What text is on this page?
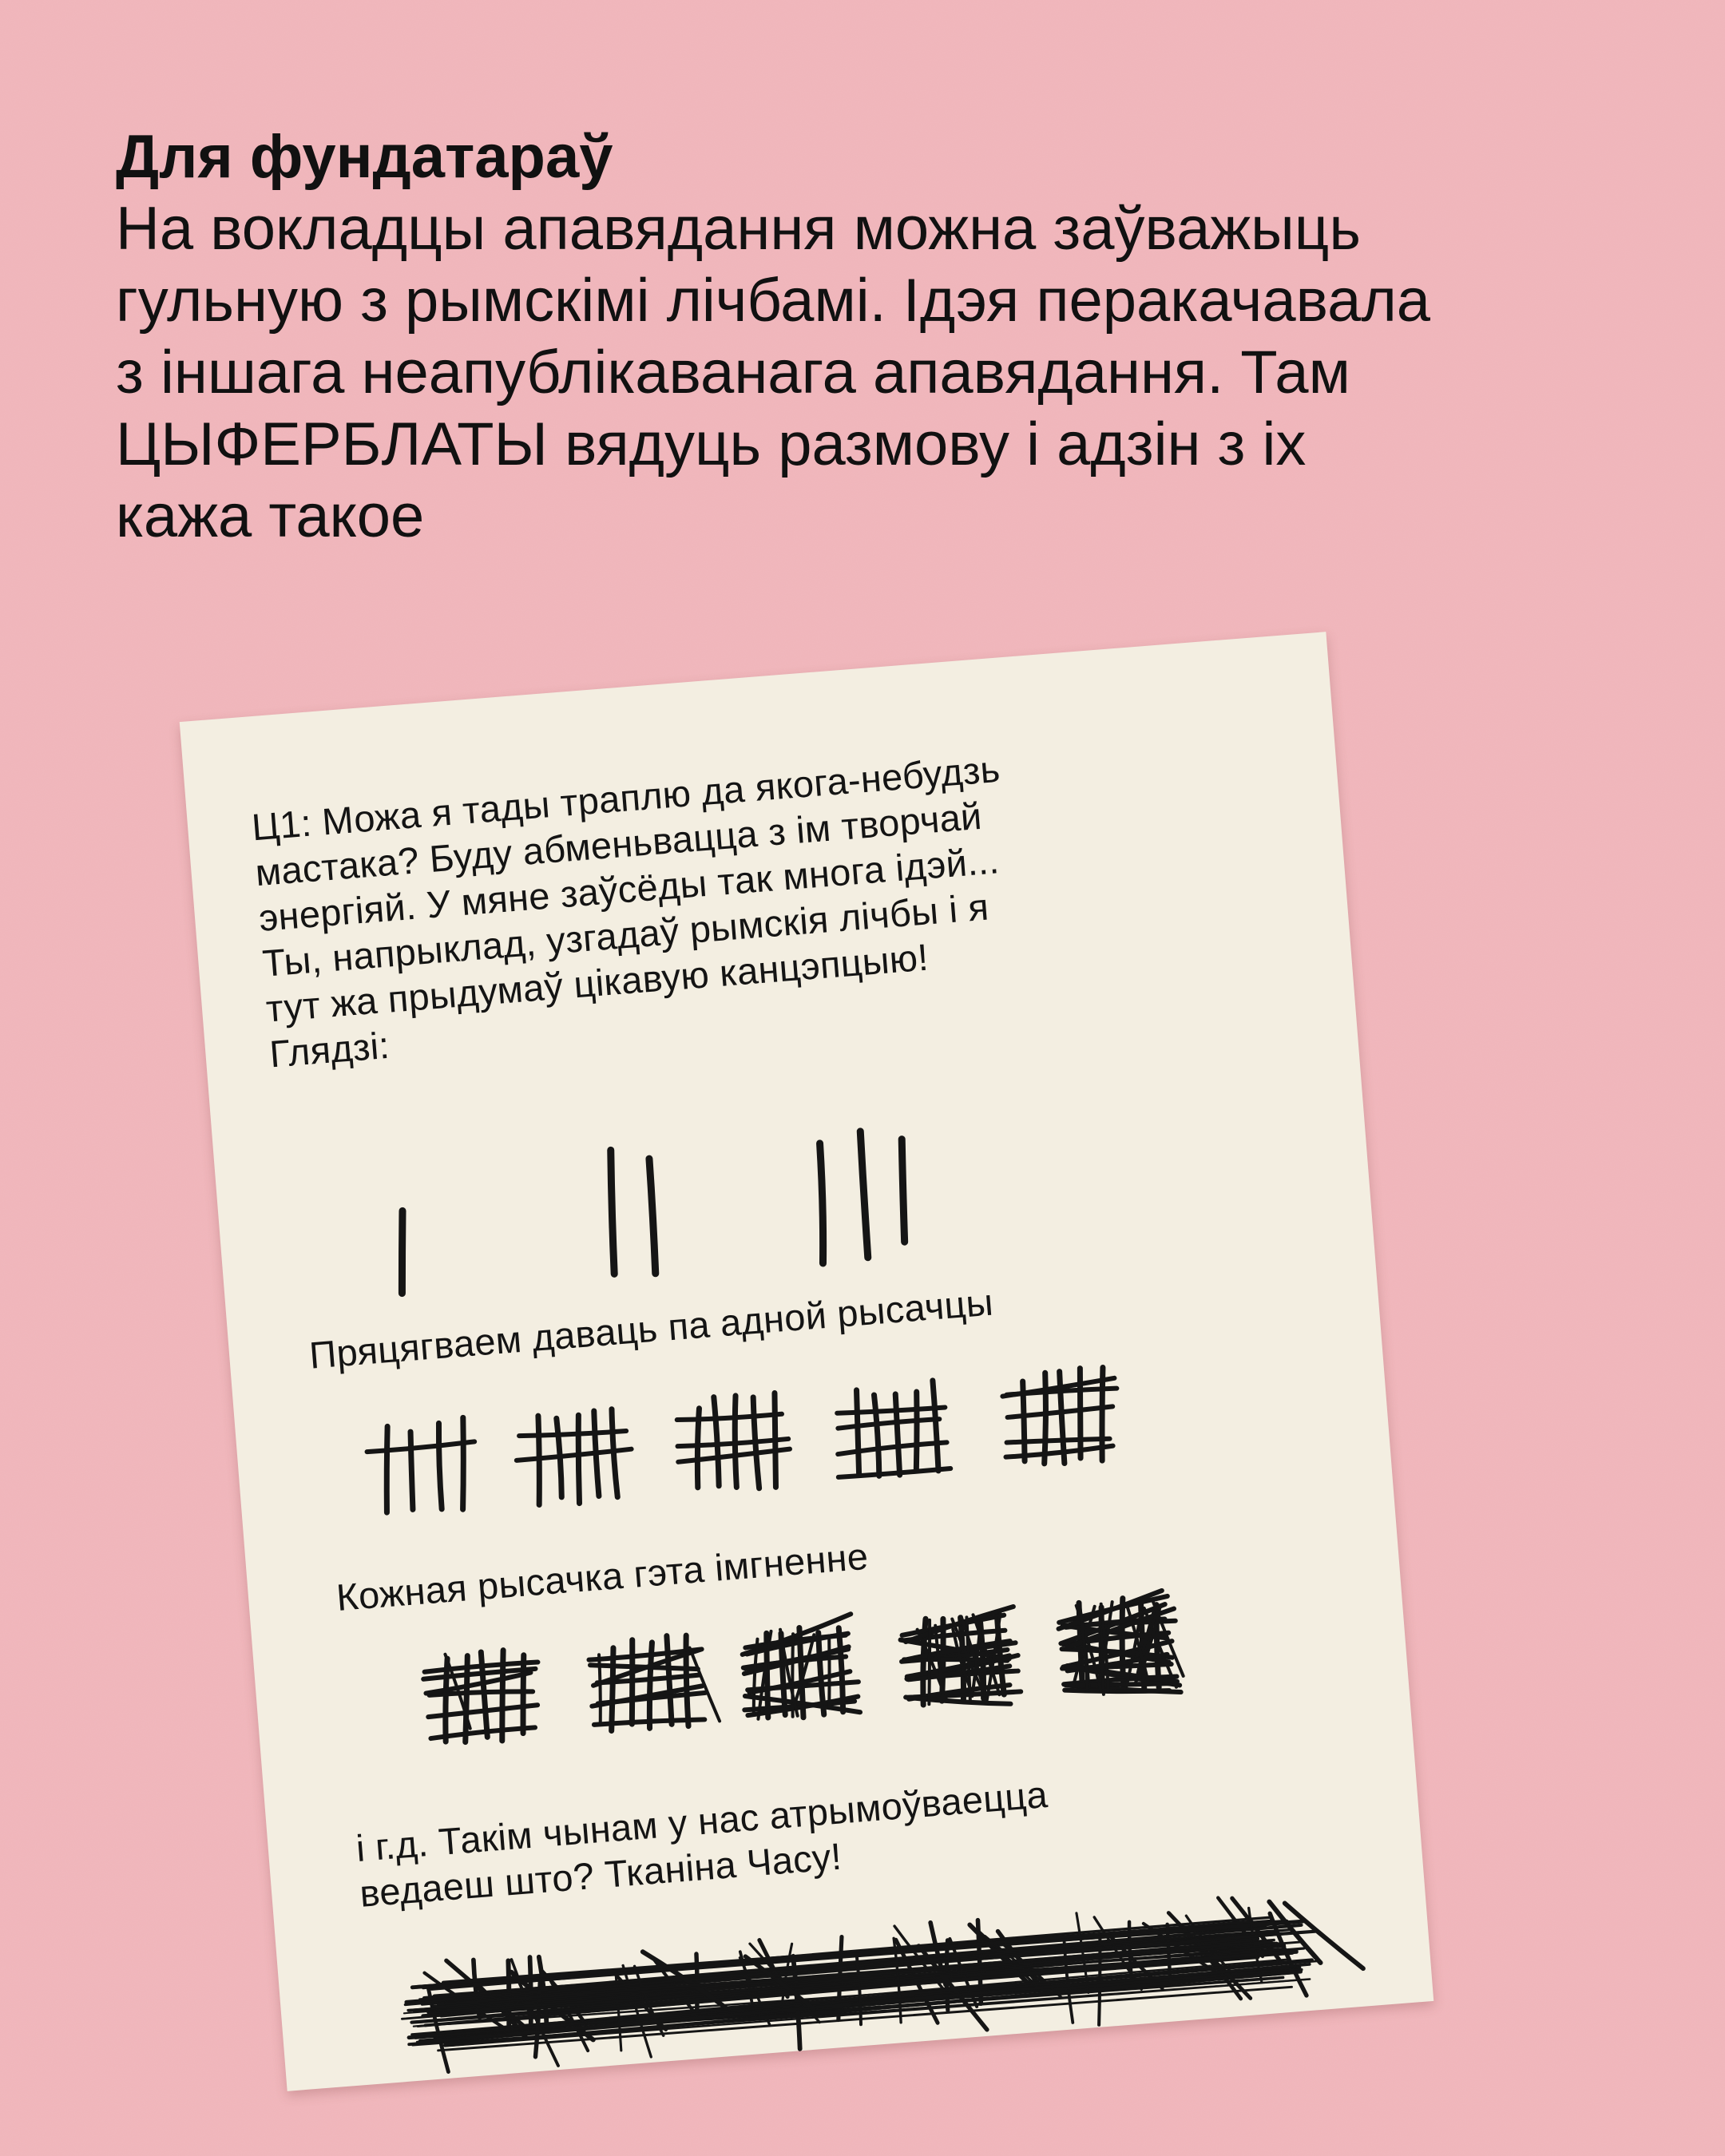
Для фундатараў
На вокладцы апавядання можна заўважыць
гульную з рымскімі лічбамі. Ідэя перакачавала
з іншага неапублікаванага апавядання. Там
ЦЫФЕРБЛАТЫ вядуць размову і адзін з іх
кажа такое
Ц1: Можа я тады траплю да якога-небудзь
мастака? Буду абменьвацца з ім творчай
энергіяй. У мяне заўсёды так многа ідэй...
Ты, напрыклад, узгадаў рымскія лічбы і я
тут жа прыдумаў цікавую канцэпцыю!
Глядзі:
Пряцягваем даваць па адной рысачцы
Кожная рысачка гэта імгненне
і г.д. Такім чынам у нас атрымоўваецца
ведаеш што? Тканіна Часу!
